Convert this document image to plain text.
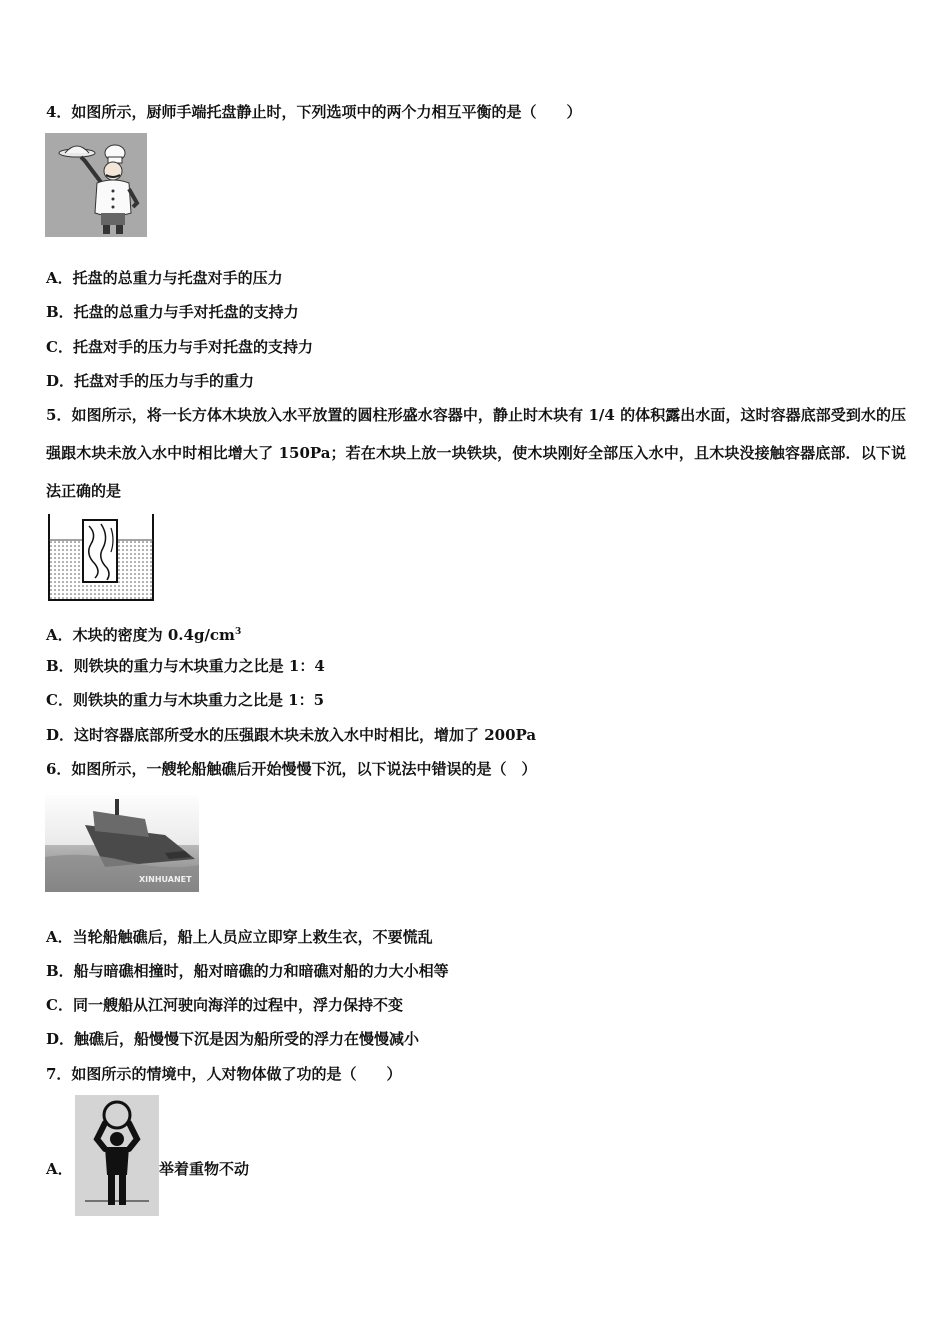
4．如图所示，厨师手端托盘静止时，下列选项中的两个力相互平衡的是（　　）
A．托盘的总重力与托盘对手的压力
B．托盘的总重力与手对托盘的支持力
C．托盘对手的压力与手对托盘的支持力
D．托盘对手的压力与手的重力
5．如图所示，将一长方体木块放入水平放置的圆柱形盛水容器中，静止时木块有 1/4 的体积露出水面，这时容器底部受到水的压强跟木块未放入水中时相比增大了 150Pa；若在木块上放一块铁块，使木块刚好全部压入水中，且木块没接触容器底部．以下说法正确的是
A．木块的密度为 $0.4g/cm^3$
B．则铁块的重力与木块重力之比是 1：4
C．则铁块的重力与木块重力之比是 1：5
D．这时容器底部所受水的压强跟木块未放入水中时相比，增加了 200Pa
6．如图所示，一艘轮船触礁后开始慢慢下沉，以下说法中错误的是（　）
XINHUANET
A．当轮船触礁后，船上人员应立即穿上救生衣，不要慌乱
B．船与暗礁相撞时，船对暗礁的力和暗礁对船的力大小相等
C．同一艘船从江河驶向海洋的过程中，浮力保持不变
D．触礁后，船慢慢下沉是因为船所受的浮力在慢慢减小
7．如图所示的情境中，人对物体做了功的是（　　）
A．	举着重物不动
